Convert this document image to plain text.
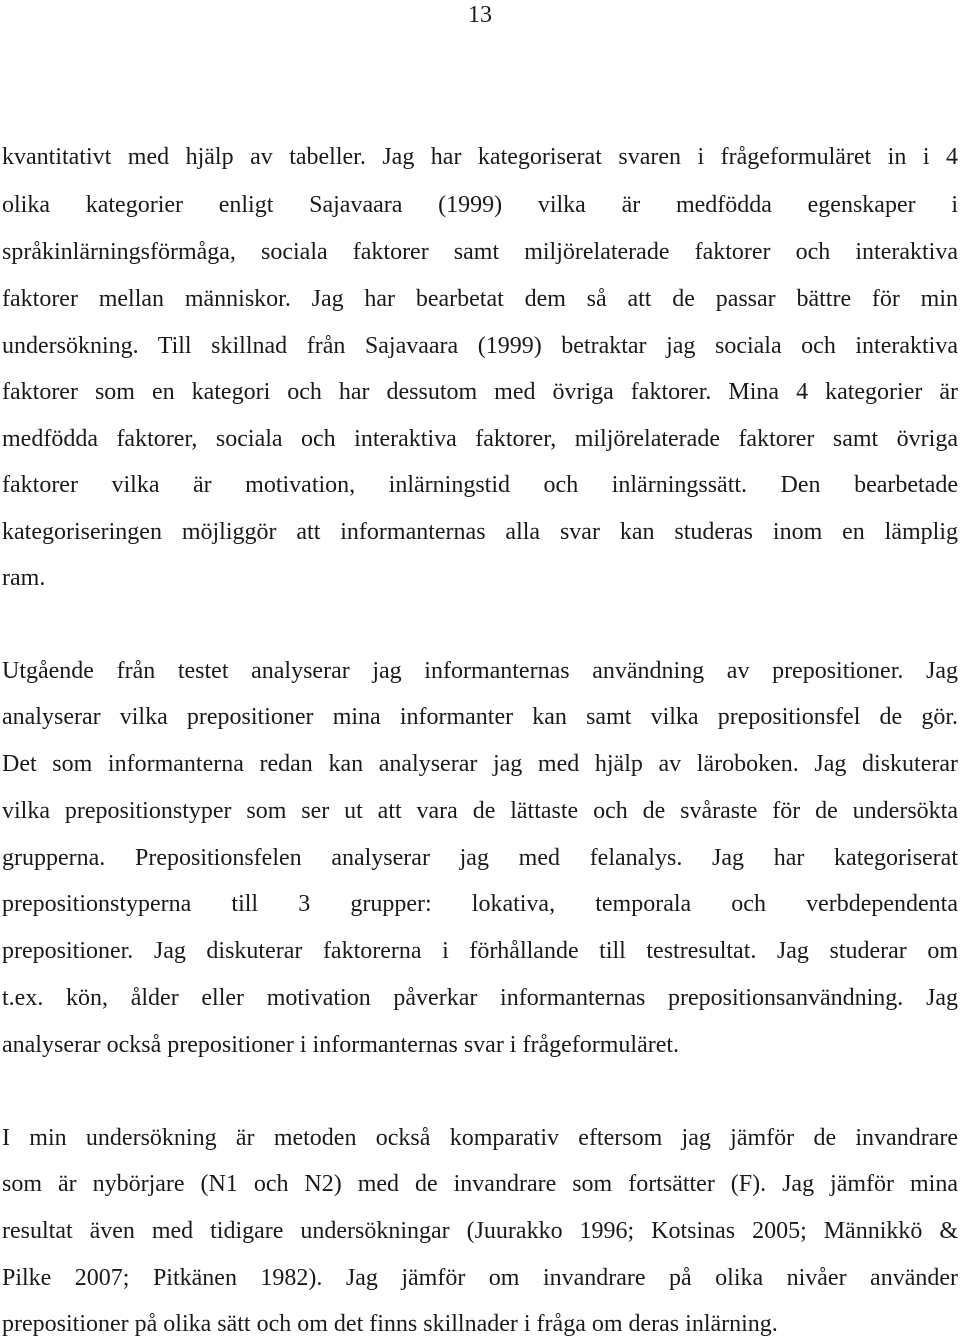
13
kvantitativt med hjälp av tabeller. Jag har kategoriserat svaren i frågeformuläret in i 4
olika kategorier enligt Sajavaara (1999) vilka är medfödda egenskaper i
språkinlärningsförmåga, sociala faktorer samt miljörelaterade faktorer och interaktiva
faktorer mellan människor. Jag har bearbetat dem så att de passar bättre för min
undersökning. Till skillnad från Sajavaara (1999) betraktar jag sociala och interaktiva
faktorer som en kategori och har dessutom med övriga faktorer. Mina 4 kategorier är
medfödda faktorer, sociala och interaktiva faktorer, miljörelaterade faktorer samt övriga
faktorer vilka är motivation, inlärningstid och inlärningssätt. Den bearbetade
kategoriseringen möjliggör att informanternas alla svar kan studeras inom en lämplig
ram.
Utgående från testet analyserar jag informanternas användning av prepositioner. Jag
analyserar vilka prepositioner mina informanter kan samt vilka prepositionsfel de gör.
Det som informanterna redan kan analyserar jag med hjälp av läroboken. Jag diskuterar
vilka prepositionstyper som ser ut att vara de lättaste och de svåraste för de undersökta
grupperna. Prepositionsfelen analyserar jag med felanalys. Jag har kategoriserat
prepositionstyperna till 3 grupper: lokativa, temporala och verbdependenta
prepositioner. Jag diskuterar faktorerna i förhållande till testresultat. Jag studerar om
t.ex. kön, ålder eller motivation påverkar informanternas prepositionsanvändning. Jag
analyserar också prepositioner i informanternas svar i frågeformuläret.
I min undersökning är metoden också komparativ eftersom jag jämför de invandrare
som är nybörjare (N1 och N2) med de invandrare som fortsätter (F). Jag jämför mina
resultat även med tidigare undersökningar (Juurakko 1996; Kotsinas 2005; Männikkö &
Pilke 2007; Pitkänen 1982). Jag jämför om invandrare på olika nivåer använder
prepositioner på olika sätt och om det finns skillnader i fråga om deras inlärning.
